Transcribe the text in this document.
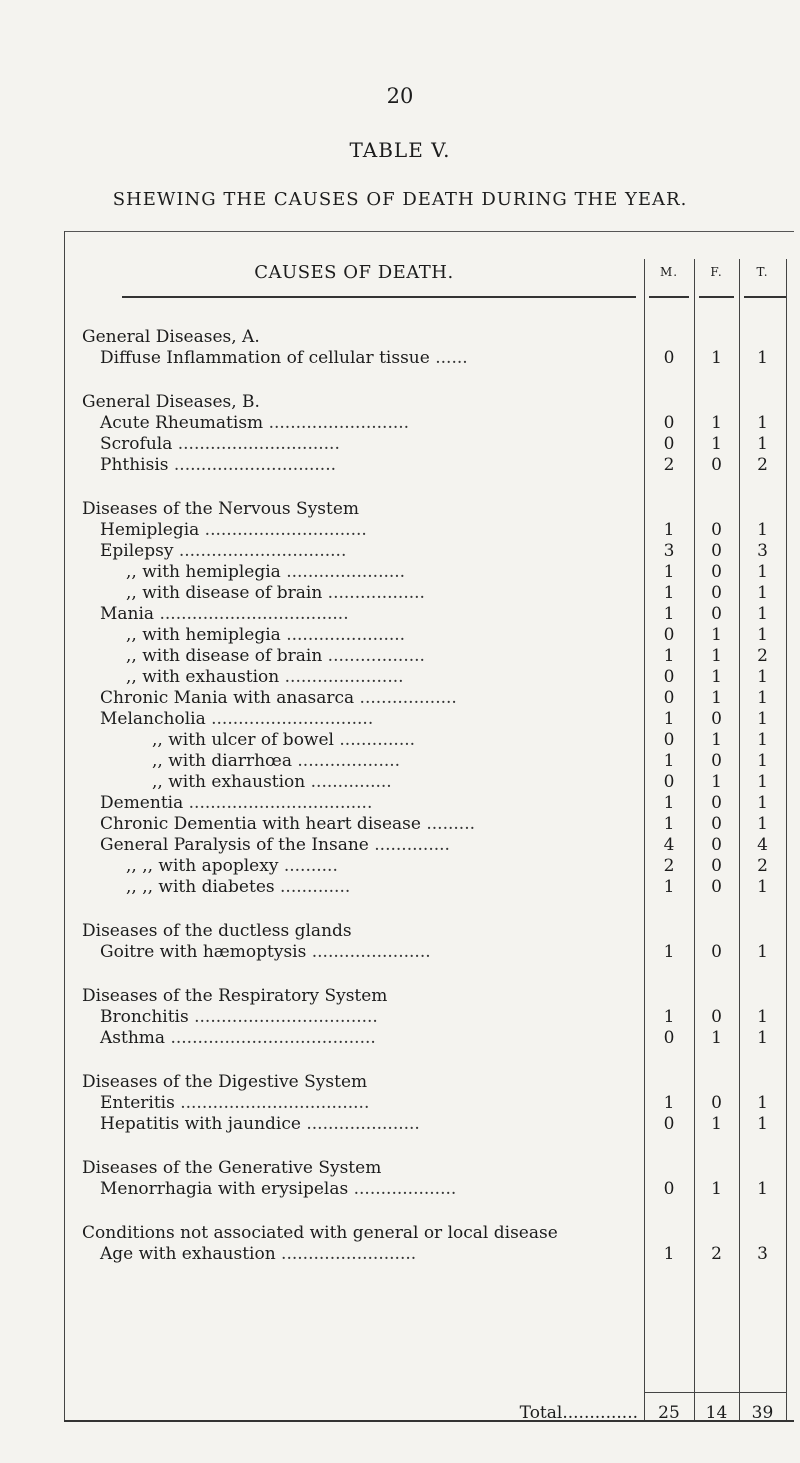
20
TABLE V.
SHEWING THE CAUSES OF DEATH DURING THE YEAR.
CAUSES OF DEATH.	M.	F.	T.
General Diseases, A.
Diffuse Inflammation of cellular tissue ......	0	1	1
General Diseases, B.
Acute Rheumatism ..........................	0	1	1
Scrofula ..............................	0	1	1
Phthisis ..............................	2	0	2
Diseases of the Nervous System
Hemiplegia ..............................	1	0	1
Epilepsy ...............................	3	0	3
,, with hemiplegia ......................	1	0	1
,, with disease of brain ..................	1	0	1
Mania ...................................	1	0	1
,, with hemiplegia ......................	0	1	1
,, with disease of brain ..................	1	1	2
,, with exhaustion ......................	0	1	1
Chronic Mania with anasarca ..................	0	1	1
Melancholia ..............................	1	0	1
,, with ulcer of bowel ..............	0	1	1
,, with diarrhœa ...................	1	0	1
,, with exhaustion ...............	0	1	1
Dementia ..................................	1	0	1
Chronic Dementia with heart disease .........	1	0	1
General Paralysis of the Insane ..............	4	0	4
,, ,, with apoplexy ..........	2	0	2
,, ,, with diabetes .............	1	0	1
Diseases of the ductless glands
Goitre with hæmoptysis ......................	1	0	1
Diseases of the Respiratory System
Bronchitis ..................................	1	0	1
Asthma ......................................	0	1	1
Diseases of the Digestive System
Enteritis ...................................	1	0	1
Hepatitis with jaundice .....................	0	1	1
Diseases of the Generative System
Menorrhagia with erysipelas ...................	0	1	1
Conditions not associated with general or local disease
Age with exhaustion .........................	1	2	3
Total..............	25	14	39
